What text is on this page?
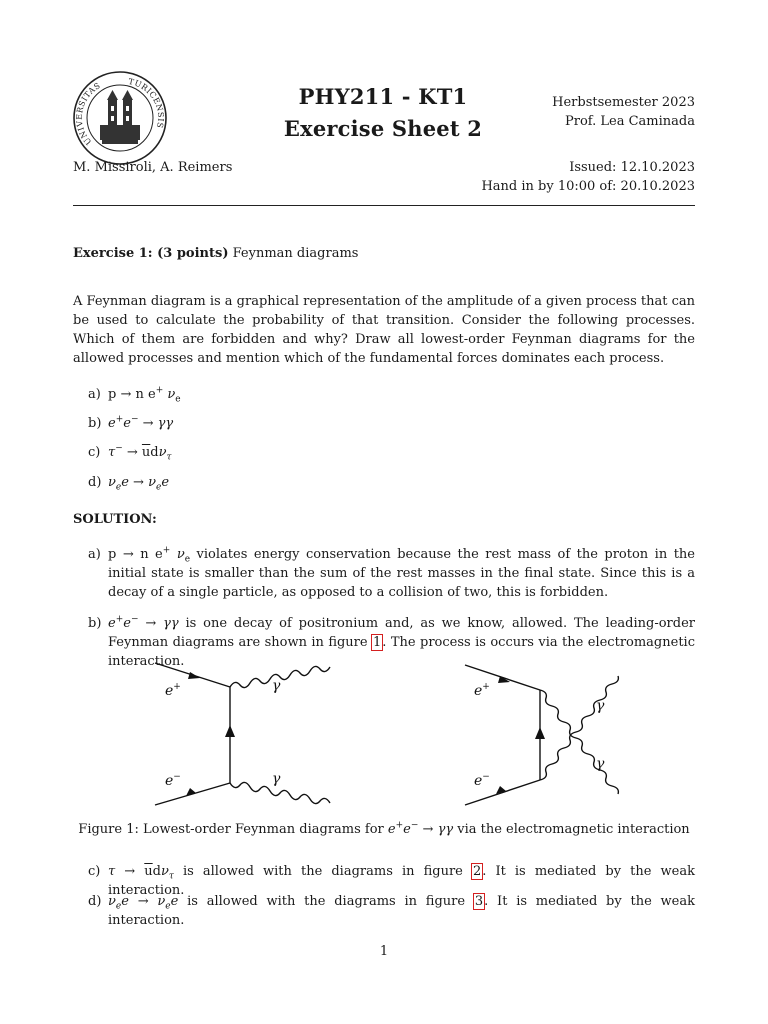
UNIVERSITAS	TURICENSIS
PHY211 - KT1
Exercise Sheet 2
Herbstsemester 2023
Prof. Lea Caminada
M. Missiroli, A. Reimers	Issued: 12.10.2023
Hand in by 10:00 of: 20.10.2023
Exercise 1: (3 points) Feynman diagrams
A Feynman diagram is a graphical representation of the amplitude of a given process that can be used to calculate the probability of that transition. Consider the following processes. Which of them are forbidden and why? Draw all lowest-order Feynman diagrams for the allowed processes and mention which of the fundamental forces dominates each process.
a) p → n e+ $\nu_e$
b) e+e− → γγ
c) $\tau^- \to \overline{u}d\nu_\tau$
d) $\nu_ee \to \nu_ee$
SOLUTION:
a) p → n e+ $\nu_e$ violates energy conservation because the rest mass of the proton in the initial state is smaller than the sum of the rest masses in the final state. Since this is a decay of a single particle, as opposed to a collision of two, this is forbidden.
b) e+e− → γγ is one decay of positronium and, as we know, allowed. The leading-order Feynman diagrams are shown in figure 1. The process is occurs via the electromagnetic interaction.
e+
e−
γ
γ
e+
e−
γ
γ
Figure 1: Lowest-order Feynman diagrams for e+e− → γγ via the electromagnetic interaction
c) $\tau \to \overline{u}d\nu_\tau$ is allowed with the diagrams in figure 2. It is mediated by the weak interaction.
d) $\nu_ee \to \nu_ee$ is allowed with the diagrams in figure 3. It is mediated by the weak interaction.
1
